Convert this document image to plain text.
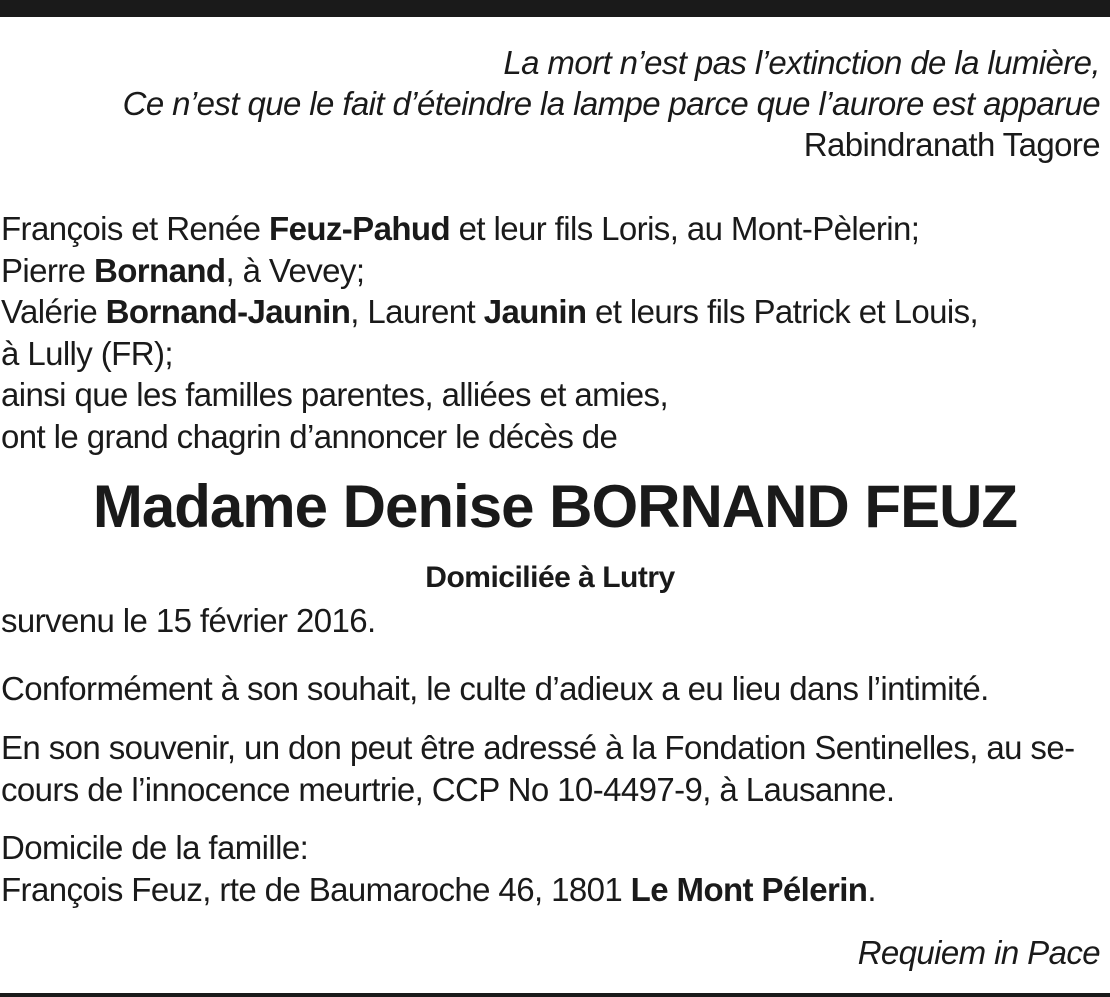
La mort n’est pas l’extinction de la lumière,
Ce n’est que le fait d’éteindre la lampe parce que l’aurore est apparue
Rabindranath Tagore
François et Renée Feuz-Pahud et leur fils Loris, au Mont-Pèlerin;
Pierre Bornand, à Vevey;
Valérie Bornand-Jaunin, Laurent Jaunin et leurs fils Patrick et Louis,
à Lully (FR);
ainsi que les familles parentes, alliées et amies,
ont le grand chagrin d’annoncer le décès de
Madame Denise BORNAND FEUZ
Domiciliée à Lutry
survenu le 15 février 2016.
Conformément à son souhait, le culte d’adieux a eu lieu dans l’intimité.
En son souvenir, un don peut être adressé à la Fondation Sentinelles, au se-
cours de l’innocence meurtrie, CCP No 10-4497-9, à Lausanne.
Domicile de la famille:
François Feuz, rte de Baumaroche 46, 1801 Le Mont Pélerin.
Requiem in Pace
